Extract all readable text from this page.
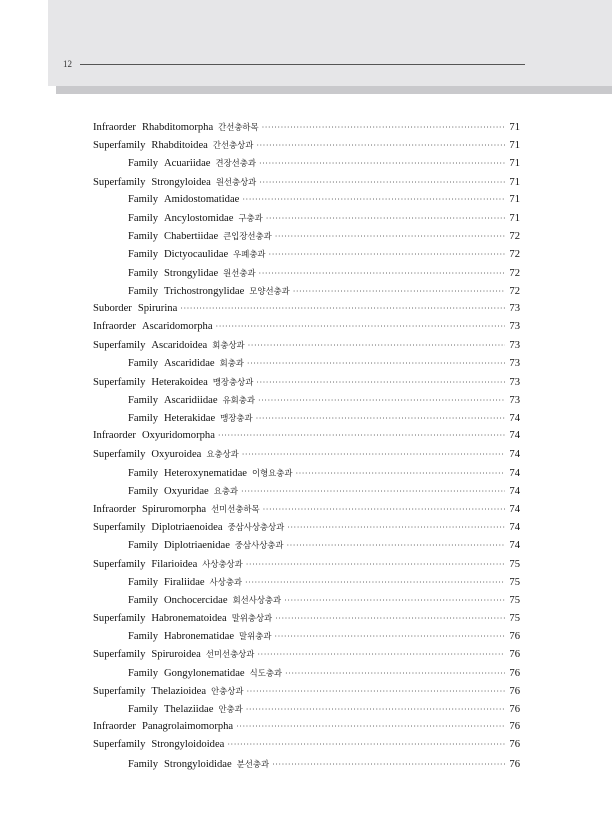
12
Infraorder Rhabditomorpha 간선충하목 ·····	71
Superfamily Rhabditoidea 간선충상과 ·····	71
Family Acuariidae 견장선충과 ·····	71
Superfamily Strongyloidea 원선충상과 ·····	71
Family Amidostomatidae ·····	71
Family Ancylostomidae 구충과 ·····	71
Family Chabertiidae 큰입장선충과 ·····	72
Family Dictyocaulidae 우폐충과 ·····	72
Family Strongylidae 원선충과 ·····	72
Family Trichostrongylidae 모양선충과 ·····	72
Suborder Spirurina ·····	73
Infraorder Ascaridomorpha ·····	73
Superfamily Ascaridoidea 회충상과 ·····	73
Family Ascarididae 회충과 ·····	73
Superfamily Heterakoidea 맹장충상과 ·····	73
Family Ascaridiidae 유회충과 ·····	73
Family Heterakidae 맹장충과 ·····	74
Infraorder Oxyuridomorpha ·····	74
Superfamily Oxyuroidea 요충상과 ·····	74
Family Heteroxynematidae 이형요충과 ·····	74
Family Oxyuridae 요충과 ·····	74
Infraorder Spiruromorpha 선미선충하목 ·····	74
Superfamily Diplotriaenoidea 중삼사상충상과 ·····	74
Family Diplotriaenidae 중삼사상충과 ·····	74
Superfamily Filarioidea 사상충상과 ·····	75
Family Firaliidae 사상충과 ·····	75
Family Onchocercidae 회선사상충과 ·····	75
Superfamily Habronematoidea 말위충상과 ·····	75
Family Habronematidae 말위충과 ·····	76
Superfamily Spiruroidea 선미선충상과 ·····	76
Family Gongylonematidae 식도충과 ·····	76
Superfamily Thelazioidea 안충상과 ·····	76
Family Thelaziidae 안충과 ·····	76
Infraorder Panagrolaimomorpha ·····	76
Superfamily Strongyloidoidea ·····	76
Family Strongyloididae 분선충과 ·····	76
